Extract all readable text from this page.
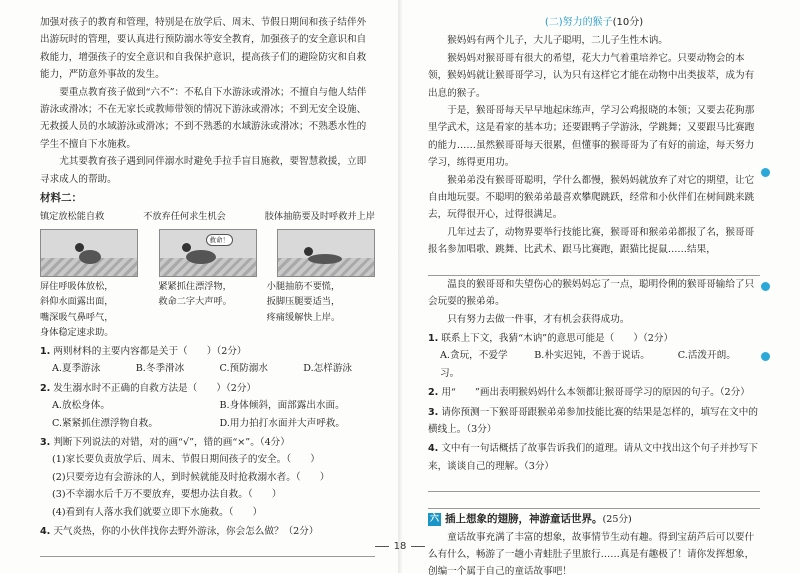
加强对孩子的教育和管理，特别是在放学后、周末、节假日期间和孩子结伴外出游玩时的管理，要认真进行预防溺水等安全教育，加强孩子的安全意识和自救能力，增强孩子的安全意识和自我保护意识，提高孩子们的避险防灾和自救能力，严防意外事故的发生。

要重点教育孩子做到“六不”：不私自下水游泳或滑冰；不擅自与他人结伴游泳或滑冰；不在无家长或教师带领的情况下游泳或滑冰；不到无安全设施、无救援人员的水域游泳或滑冰；不到不熟悉的水域游泳或滑冰；不熟悉水性的学生不擅自下水施救。

尤其要教育孩子遇到同伴溺水时避免手拉手盲目施救，要智慧救援，立即寻求成人的帮助。

材料二：

镇定放松能自救	不放弃任何求生机会	肢体抽筋要及时呼救并上岸
救命！

屏住呼吸体放松，

斜仰水面露出面，

嘴深吸气鼻呼气，

身体稳定速求助。

紧紧抓住漂浮物，

救命二字大声呼。

小腿抽筋不要慌，

扳脚压腿要适当，

疼痛缓解快上岸。

1. 两则材料的主要内容都是关于（　　）（2分）

A.夏季游泳	B.冬季滑冰	C.预防溺水	D.怎样游泳

2. 发生溺水时不正确的自救方法是（　　）（2分）

A.放松身体。	B.身体倾斜，面部露出水面。
C.紧紧抓住漂浮物自救。	D.用力拍打水面并大声呼救。

3. 判断下列说法的对错，对的画“√”，错的画“×”。（4分）

(1)家长要负责放学后、周末、节假日期间孩子的安全。（　　）

(2)只要旁边有会游泳的人，到时候就能及时抢救溺水者。（　　）

(3)不幸溺水后千万不要放弃，要想办法自救。（　　）

(4)看到有人落水我们就要立即下水施救。（　　）

4. 天气炎热，你的小伙伴找你去野外游泳，你会怎么做？（2分）

(二)努力的猴子(10分)

猴妈妈有两个儿子，大儿子聪明，二儿子生性木讷。

猴妈妈对猴哥哥有很大的希望，花大力气着重培养它。只要动物会的本领，猴妈妈就让猴哥哥学习，认为只有这样它才能在动物中出类拔萃，成为有出息的猴子。

于是，猴哥哥每天早早地起床练声，学习公鸡报晓的本领；又要去花狗那里学武术，这是看家的基本功；还要跟鸭子学游泳，学跳舞；又要跟马比赛跑的能力……虽然猴哥哥每天很累，但懂事的猴哥哥为了有好的前途，每天努力学习，练得更用功。

猴弟弟没有猴哥哥聪明，学什么都慢，猴妈妈就放弃了对它的期望，让它自由地玩耍。不聪明的猴弟弟最喜欢攀爬跳跃，经常和小伙伴们在树间跳来跳去，玩得很开心，过得很满足。

几年过去了，动物界要举行技能比赛，猴哥哥和猴弟弟都报了名，猴哥哥报名参加唱歌、跳舞、比武术、跟马比赛跑，跟猫比捉鼠……结果，

温良的猴哥哥和失望伤心的猴妈妈忘了一点，聪明伶俐的猴哥哥输给了只会玩耍的猴弟弟。

只有努力去做一件事，才有机会获得成功。

1. 联系上下文，我猜“木讷”的意思可能是（　　）（2分）

A.贪玩，不爱学习。
B.朴实迟钝，不善于说话。	C.活泼开朗。

2. 用“　　”画出表明猴妈妈什么本领都让猴哥哥学习的原因的句子。（2分）

3. 请你预测一下猴哥哥跟猴弟弟参加技能比赛的结果是怎样的，填写在文中的横线上。（3分）

4. 文中有一句话概括了故事告诉我们的道理。请从文中找出这个句子并抄写下来，谈谈自己的理解。（3分）

六 插上想象的翅膀，神游童话世界。 (25分)

童话故事充满了丰富的想象，故事情节生动有趣。得到宝葫芦后可以要什么有什么，畅游了一趟小青蛙肚子里旅行……真是有趣极了！请你发挥想象，创编一个属于自己的童话故事吧！

18
